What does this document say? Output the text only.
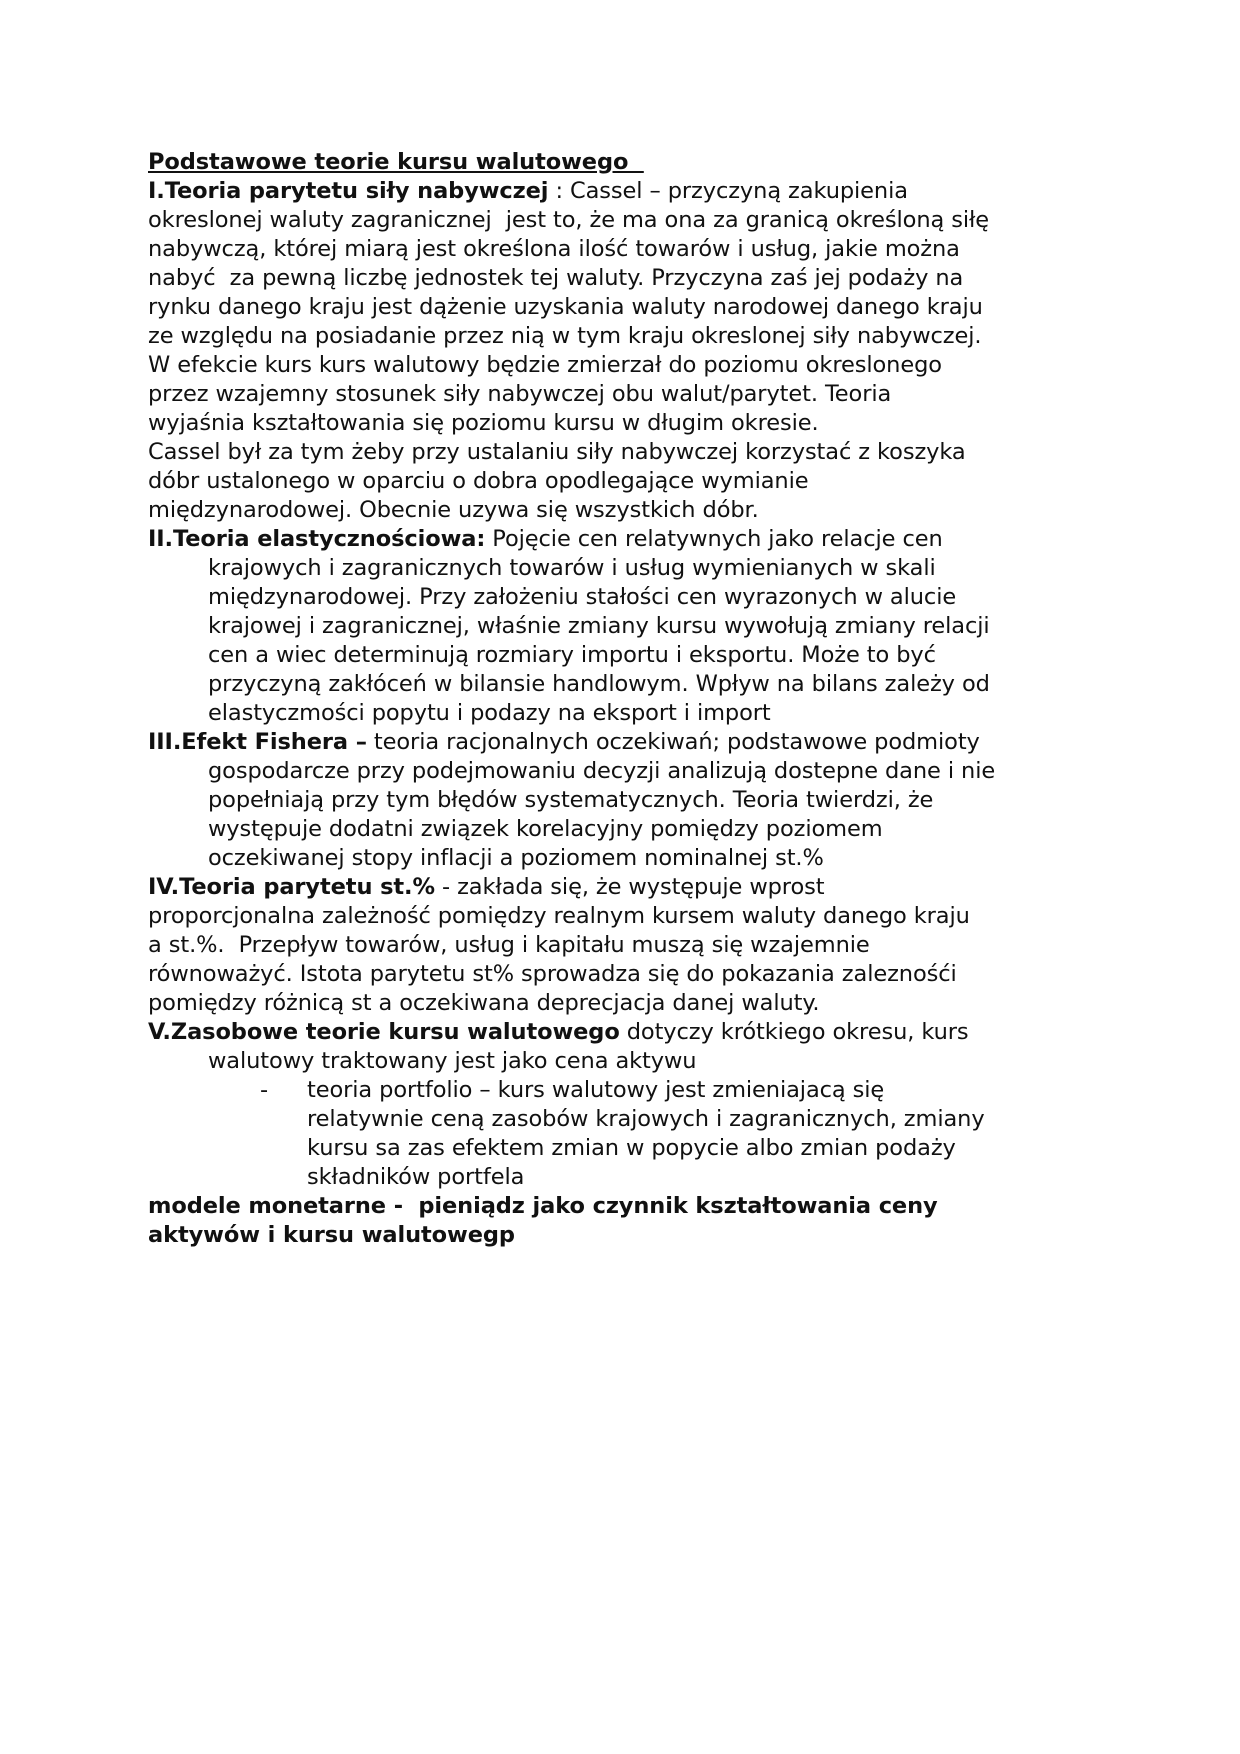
Podstawowe teorie kursu walutowego
I.Teoria parytetu siły nabywczej : Cassel – przyczyną zakupienia
okreslonej waluty zagranicznej  jest to, że ma ona za granicą określoną siłę
nabywczą, której miarą jest określona ilość towarów i usług, jakie można
nabyć  za pewną liczbę jednostek tej waluty. Przyczyna zaś jej podaży na
rynku danego kraju jest dążenie uzyskania waluty narodowej danego kraju
ze względu na posiadanie przez nią w tym kraju okreslonej siły nabywczej.
W efekcie kurs kurs walutowy będzie zmierzał do poziomu okreslonego
przez wzajemny stosunek siły nabywczej obu walut/parytet. Teoria
wyjaśnia kształtowania się poziomu kursu w długim okresie.
Cassel był za tym żeby przy ustalaniu siły nabywczej korzystać z koszyka
dóbr ustalonego w oparciu o dobra opodlegające wymianie
międzynarodowej. Obecnie uzywa się wszystkich dóbr.
II.Teoria elastycznościowa: Pojęcie cen relatywnych jako relacje cen
krajowych i zagranicznych towarów i usług wymienianych w skali
międzynarodowej. Przy założeniu stałości cen wyrazonych w alucie
krajowej i zagranicznej, właśnie zmiany kursu wywołują zmiany relacji
cen a wiec determinują rozmiary importu i eksportu. Może to być
przyczyną zakłóceń w bilansie handlowym. Wpływ na bilans zależy od
elastyczmości popytu i podazy na eksport i import
III.Efekt Fishera – teoria racjonalnych oczekiwań; podstawowe podmioty
gospodarcze przy podejmowaniu decyzji analizują dostepne dane i nie
popełniają przy tym błędów systematycznych. Teoria twierdzi, że
występuje dodatni związek korelacyjny pomiędzy poziomem
oczekiwanej stopy inflacji a poziomem nominalnej st.%
IV.Teoria parytetu st.% - zakłada się, że występuje wprost
proporcjonalna zależność pomiędzy realnym kursem waluty danego kraju
a st.%.  Przepływ towarów, usług i kapitału muszą się wzajemnie
równoważyć. Istota parytetu st% sprowadza się do pokazania zaleznośći
pomiędzy różnicą st a oczekiwana deprecjacja danej waluty.
V.Zasobowe teorie kursu walutowego dotyczy krótkiego okresu, kurs
walutowy traktowany jest jako cena aktywu
- teoria portfolio – kurs walutowy jest zmieniajacą się
relatywnie ceną zasobów krajowych i zagranicznych, zmiany
kursu sa zas efektem zmian w popycie albo zmian podaży
składników portfela
modele monetarne -  pieniądz jako czynnik kształtowania ceny
aktywów i kursu walutowegp
